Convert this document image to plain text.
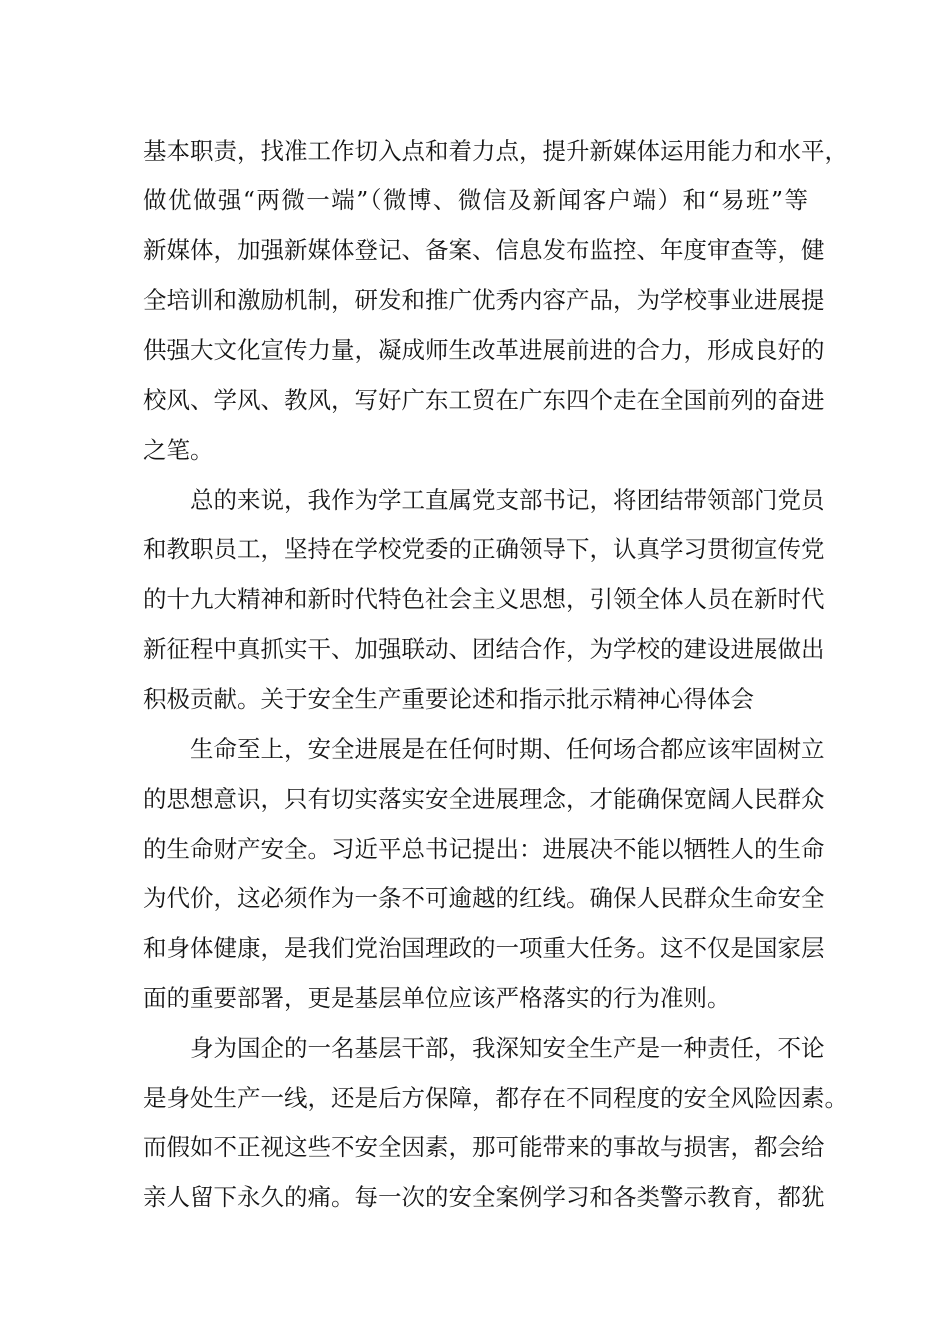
基本职责，找准工作切入点和着力点，提升新媒体运用能力和水平，
做优做强“两微一端”（微博、微信及新闻客户端）和“易班”等
新媒体，加强新媒体登记、备案、信息发布监控、年度审查等，健
全培训和激励机制，研发和推广优秀内容产品，为学校事业进展提
供强大文化宣传力量，凝成师生改革进展前进的合力，形成良好的
校风、学风、教风，写好广东工贸在广东四个走在全国前列的奋进
之笔。
总的来说，我作为学工直属党支部书记，将团结带领部门党员
和教职员工，坚持在学校党委的正确领导下，认真学习贯彻宣传党
的十九大精神和新时代特色社会主义思想，引领全体人员在新时代
新征程中真抓实干、加强联动、团结合作，为学校的建设进展做出
积极贡献。关于安全生产重要论述和指示批示精神心得体会
生命至上，安全进展是在任何时期、任何场合都应该牢固树立
的思想意识，只有切实落实安全进展理念，才能确保宽阔人民群众
的生命财产安全。习近平总书记提出：进展决不能以牺牲人的生命
为代价，这必须作为一条不可逾越的红线。确保人民群众生命安全
和身体健康，是我们党治国理政的一项重大任务。这不仅是国家层
面的重要部署，更是基层单位应该严格落实的行为准则。
身为国企的一名基层干部，我深知安全生产是一种责任，不论
是身处生产一线，还是后方保障，都存在不同程度的安全风险因素。
而假如不正视这些不安全因素，那可能带来的事故与损害，都会给
亲人留下永久的痛。每一次的安全案例学习和各类警示教育，都犹
